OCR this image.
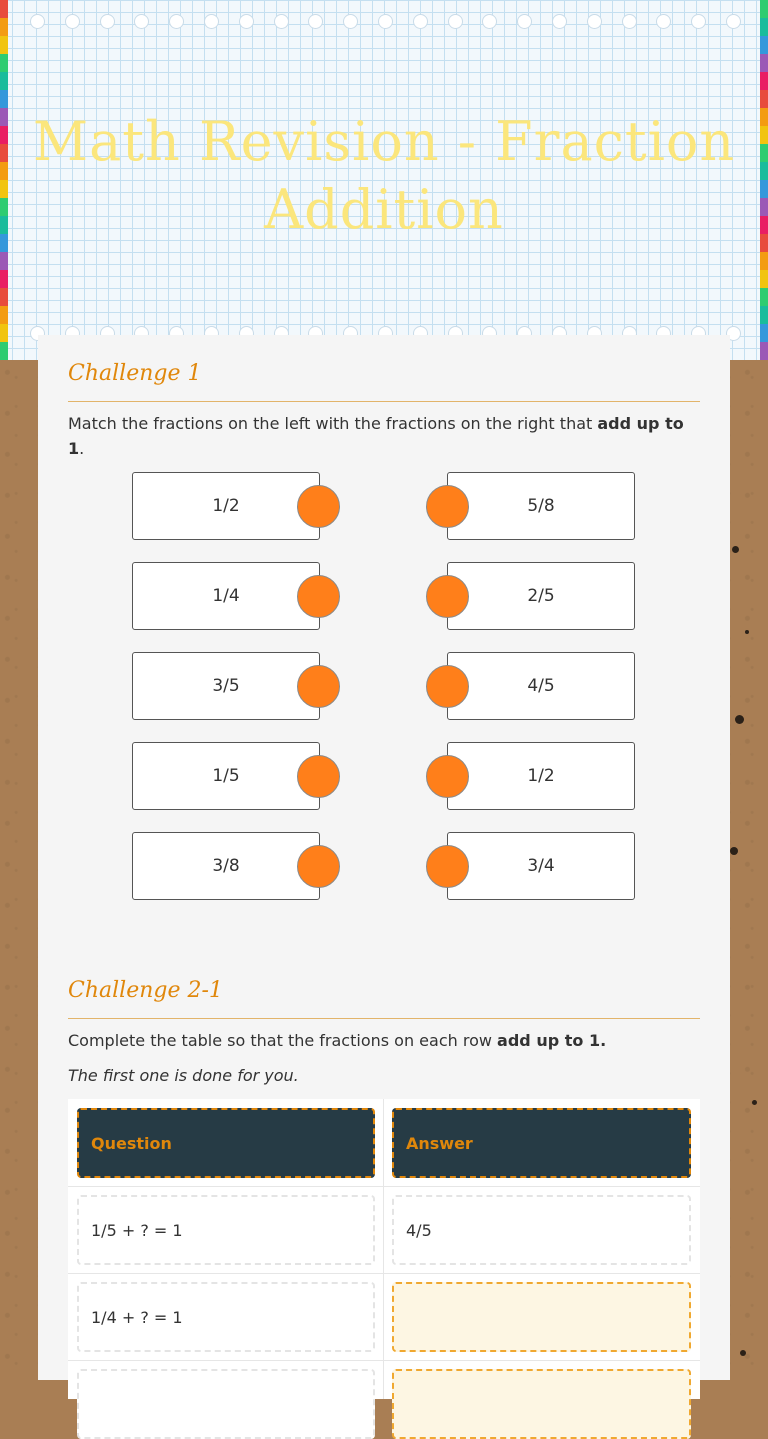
Math Revision - Fraction Addition
Challenge 1
Match the fractions on the left with the fractions on the right that add up to 1.
1/2	5/8
1/4	2/5
3/5	4/5
1/5	1/2
3/8	3/4
Challenge 2-1
Complete the table so that the fractions on each row add up to 1.
The first one is done for you.
Question	Answer
1/5 + ? = 1	4/5
1/4 + ? = 1
